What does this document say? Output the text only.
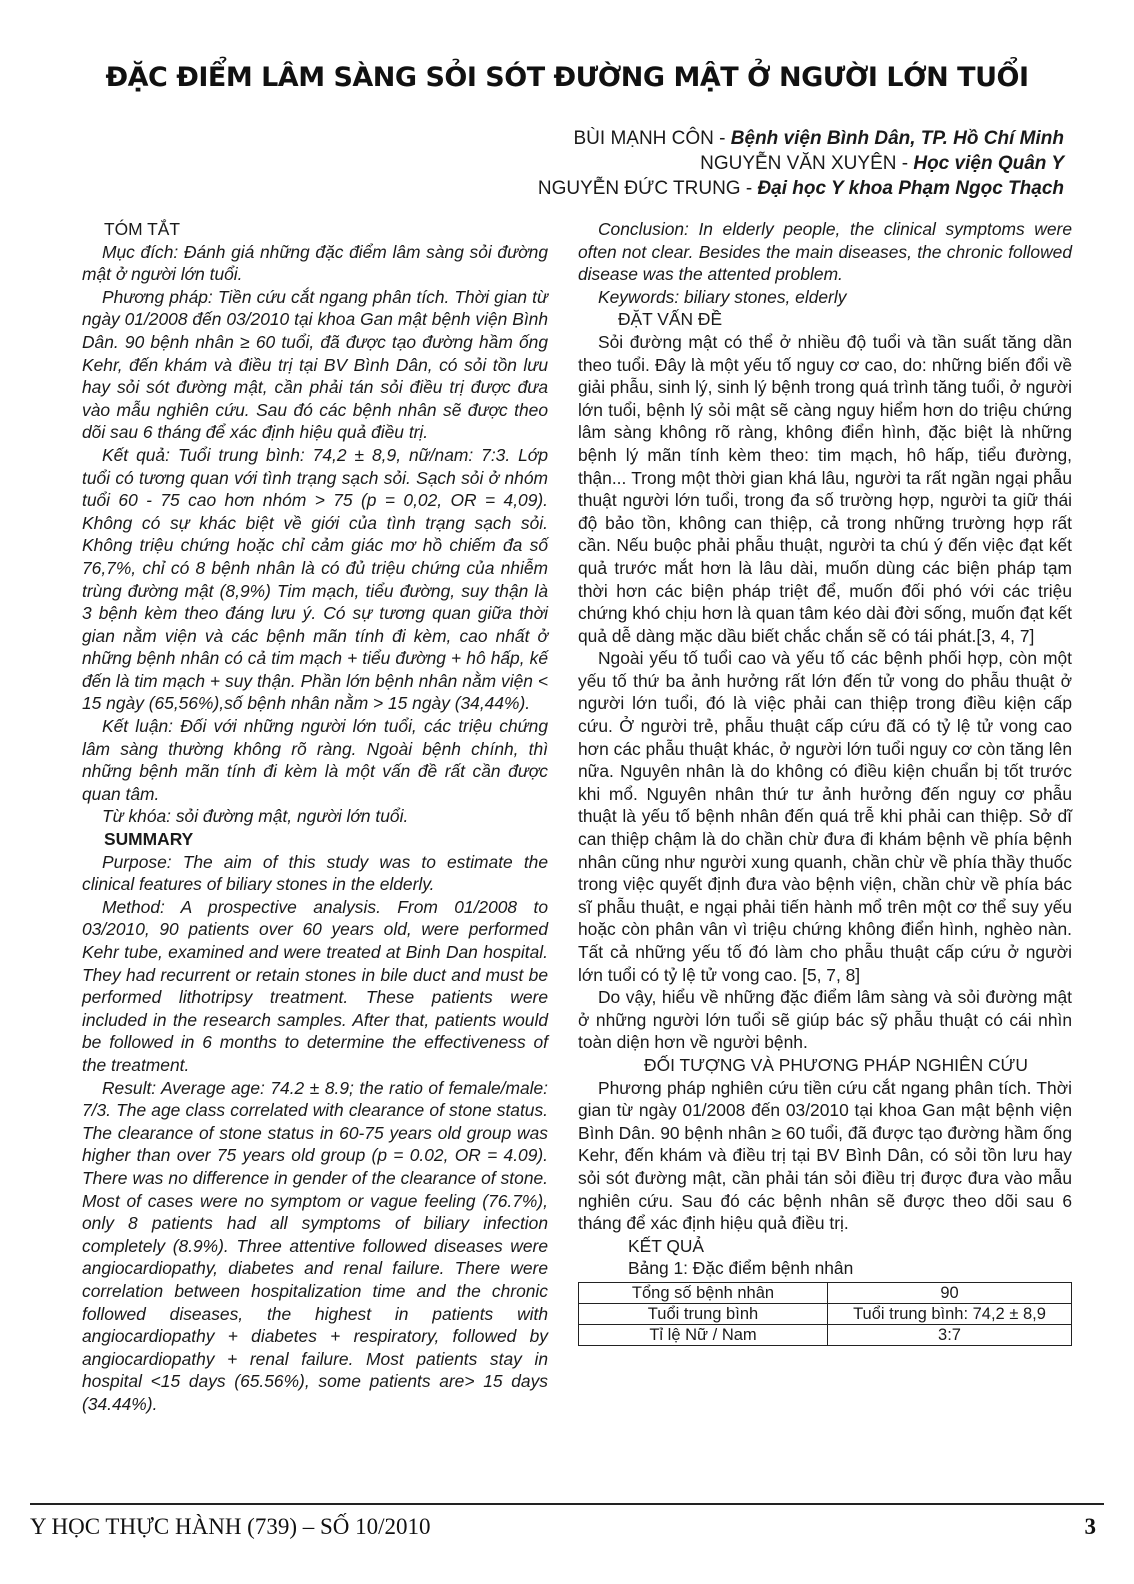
ĐẶC ĐIỂM LÂM SÀNG SỎI SÓT ĐƯỜNG MẬT Ở NGƯỜI LỚN TUỔI
BÙI MẠNH CÔN - Bệnh viện Bình Dân, TP. Hồ Chí Minh
NGUYỄN VĂN XUYÊN - Học viện Quân Y
NGUYỄN ĐỨC TRUNG - Đại học Y khoa Phạm Ngọc Thạch

TÓM TẮT

Mục đích: Đánh giá những đặc điểm lâm sàng sỏi đường mật ở người lớn tuổi.

Phương pháp: Tiền cứu cắt ngang phân tích. Thời gian từ ngày 01/2008 đến 03/2010 tại khoa Gan mật bệnh viện Bình Dân. 90 bệnh nhân ≥ 60 tuổi, đã được tạo đường hầm ống Kehr, đến khám và điều trị tại BV Bình Dân, có sỏi tồn lưu hay sỏi sót đường mật, cần phải tán sỏi điều trị được đưa vào mẫu nghiên cứu. Sau đó các bệnh nhân sẽ được theo dõi sau 6 tháng để xác định hiệu quả điều trị.

Kết quả: Tuổi trung bình: 74,2 ± 8,9, nữ/nam: 7:3. Lớp tuổi có tương quan với tình trạng sạch sỏi. Sạch sỏi ở nhóm tuổi 60 - 75 cao hơn nhóm > 75 (p = 0,02, OR = 4,09). Không có sự khác biệt về giới của tình trạng sạch sỏi. Không triệu chứng hoặc chỉ cảm giác mơ hồ chiếm đa số 76,7%, chỉ có 8 bệnh nhân là có đủ triệu chứng của nhiễm trùng đường mật (8,9%) Tim mạch, tiểu đường, suy thận là 3 bệnh kèm theo đáng lưu ý. Có sự tương quan giữa thời gian nằm viện và các bệnh mãn tính đi kèm, cao nhất ở những bệnh nhân có cả tim mạch + tiểu đường + hô hấp, kế đến là tim mạch + suy thận. Phần lớn bệnh nhân nằm viện < 15 ngày (65,56%),số bệnh nhân nằm > 15 ngày (34,44%).

Kết luận: Đối với những người lớn tuổi, các triệu chứng lâm sàng thường không rõ ràng. Ngoài bệnh chính, thì những bệnh mãn tính đi kèm là một vấn đề rất cần được quan tâm.

Từ khóa: sỏi đường mật, người lớn tuổi.

SUMMARY

Purpose: The aim of this study was to estimate the clinical features of biliary stones in the elderly.

Method: A prospective analysis. From 01/2008 to 03/2010, 90 patients over 60 years old, were performed Kehr tube, examined and were treated at Binh Dan hospital. They had recurrent or retain stones in bile duct and must be performed lithotripsy treatment. These patients were included in the research samples. After that, patients would be followed in 6 months to determine the effectiveness of the treatment.

Result: Average age: 74.2 ± 8.9; the ratio of female/male: 7/3. The age class correlated with clearance of stone status. The clearance of stone status in 60-75 years old group was higher than over 75 years old group (p = 0.02, OR = 4.09). There was no difference in gender of the clearance of stone. Most of cases were no symptom or vague feeling (76.7%), only 8 patients had all symptoms of biliary infection completely (8.9%). Three attentive followed diseases were angiocardiopathy, diabetes and renal failure. There were correlation between hospitalization time and the chronic followed diseases, the highest in patients with angiocardiopathy + diabetes + respiratory, followed by angiocardiopathy + renal failure. Most patients stay in hospital <15 days (65.56%), some patients are> 15 days (34.44%).

Conclusion: In elderly people, the clinical symptoms were often not clear. Besides the main diseases, the chronic followed disease was the attented problem.

Keywords: biliary stones, elderly

ĐẶT VẤN ĐỀ

Sỏi đường mật có thể ở nhiều độ tuổi và tần suất tăng dần theo tuổi. Đây là một yếu tố nguy cơ cao, do: những biến đổi về giải phẫu, sinh lý, sinh lý bệnh trong quá trình tăng tuổi, ở người lớn tuổi, bệnh lý sỏi mật sẽ càng nguy hiểm hơn do triệu chứng lâm sàng không rõ ràng, không điển hình, đặc biệt là những bệnh lý mãn tính kèm theo: tim mạch, hô hấp, tiểu đường, thận... Trong một thời gian khá lâu, người ta rất ngần ngại phẫu thuật người lớn tuổi, trong đa số trường hợp, người ta giữ thái độ bảo tồn, không can thiệp, cả trong những trường hợp rất cần. Nếu buộc phải phẫu thuật, người ta chú ý đến việc đạt kết quả trước mắt hơn là lâu dài, muốn dùng các biện pháp tạm thời hơn các biện pháp triệt để, muốn đối phó với các triệu chứng khó chịu hơn là quan tâm kéo dài đời sống, muốn đạt kết quả dễ dàng mặc dầu biết chắc chắn sẽ có tái phát.[3, 4, 7]

Ngoài yếu tố tuổi cao và yếu tố các bệnh phối hợp, còn một yếu tố thứ ba ảnh hưởng rất lớn đến tử vong do phẫu thuật ở người lớn tuổi, đó là việc phải can thiệp trong điều kiện cấp cứu. Ở người trẻ, phẫu thuật cấp cứu đã có tỷ lệ tử vong cao hơn các phẫu thuật khác, ở người lớn tuổi nguy cơ còn tăng lên nữa. Nguyên nhân là do không có điều kiện chuẩn bị tốt trước khi mổ. Nguyên nhân thứ tư ảnh hưởng đến nguy cơ phẫu thuật là yếu tố bệnh nhân đến quá trễ khi phải can thiệp. Sở dĩ can thiệp chậm là do chần chừ đưa đi khám bệnh về phía bệnh nhân cũng như người xung quanh, chần chừ về phía thầy thuốc trong việc quyết định đưa vào bệnh viện, chần chừ về phía bác sĩ phẫu thuật, e ngại phải tiến hành mổ trên một cơ thể suy yếu hoặc còn phân vân vì triệu chứng không điển hình, nghèo nàn. Tất cả những yếu tố đó làm cho phẫu thuật cấp cứu ở người lớn tuổi có tỷ lệ tử vong cao. [5, 7, 8]

Do vậy, hiểu về những đặc điểm lâm sàng và sỏi đường mật ở những người lớn tuổi sẽ giúp bác sỹ phẫu thuật có cái nhìn toàn diện hơn về người bệnh.

ĐỐI TƯỢNG VÀ PHƯƠNG PHÁP NGHIÊN CỨU

Phương pháp nghiên cứu tiền cứu cắt ngang phân tích. Thời gian từ ngày 01/2008 đến 03/2010 tại khoa Gan mật bệnh viện Bình Dân. 90 bệnh nhân ≥ 60 tuổi, đã được tạo đường hầm ống Kehr, đến khám và điều trị tại BV Bình Dân, có sỏi tồn lưu hay sỏi sót đường mật, cần phải tán sỏi điều trị được đưa vào mẫu nghiên cứu. Sau đó các bệnh nhân sẽ được theo dõi sau 6 tháng để xác định hiệu quả điều trị.

KẾT QUẢ

Bảng 1: Đặc điểm bệnh nhân

Tổng số bệnh nhân	90
Tuổi trung bình	Tuổi trung bình: 74,2 ± 8,9
Tỉ lệ Nữ / Nam	3:7
Y HỌC THỰC HÀNH (739) – SỐ 10/2010	3
